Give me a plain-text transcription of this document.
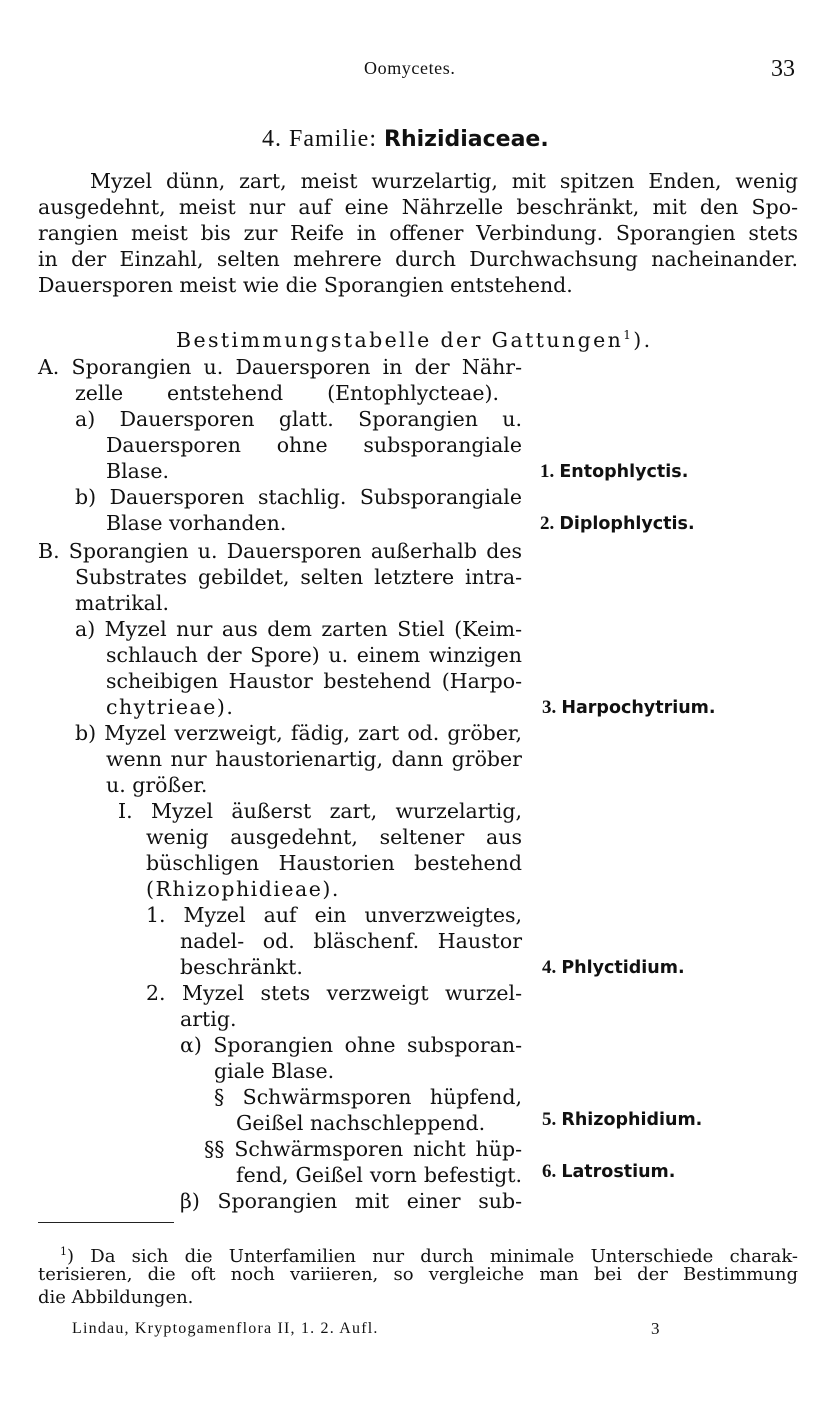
Oomycetes.	33
4. Familie: Rhizidiaceae.
Myzel dünn, zart, meist wurzelartig, mit spitzen Enden, wenig
ausgedehnt, meist nur auf eine Nährzelle beschränkt, mit den Spo-
rangien meist bis zur Reife in offener Verbindung. Sporangien stets
in der Einzahl, selten mehrere durch Durchwachsung nacheinander.
Dauersporen meist wie die Sporangien entstehend.
Bestimmungstabelle der Gattungen$^1$).
A. Sporangien u. Dauersporen in der Nähr-
zelle entstehend (Entophlycteae).
a) Dauersporen glatt. Sporangien u.
Dauersporen ohne subsporangiale
Blase.
b) Dauersporen stachlig. Subsporangiale
Blase vorhanden.
B. Sporangien u. Dauersporen außerhalb des
Substrates gebildet, selten letztere intra-
matrikal.
a) Myzel nur aus dem zarten Stiel (Keim-
schlauch der Spore) u. einem winzigen
scheibigen Haustor bestehend (Harpo-
chytrieae).
b) Myzel verzweigt, fädig, zart od. gröber,
wenn nur haustorienartig, dann gröber
u. größer.
I. Myzel äußerst zart, wurzelartig,
wenig ausgedehnt, seltener aus
büschligen Haustorien bestehend
(Rhizophidieae).
1. Myzel auf ein unverzweigtes,
nadel- od. bläschenf. Haustor
beschränkt.
2. Myzel stets verzweigt wurzel-
artig.
α) Sporangien ohne subsporan-
giale Blase.
§ Schwärmsporen hüpfend,
Geißel nachschleppend.
§§ Schwärmsporen nicht hüp-
fend, Geißel vorn befestigt.
β) Sporangien mit einer sub-
1. Entophlyctis.
2. Diplophlyctis.
3. Harpochytrium.
4. Phlyctidium.
5. Rhizophidium.
6. Latrostium.
$^1$) Da sich die Unterfamilien nur durch minimale Unterschiede charak-
terisieren, die oft noch variieren, so vergleiche man bei der Bestimmung
die Abbildungen.
Lindau, Kryptogamenflora II, 1. 2. Aufl.	3
